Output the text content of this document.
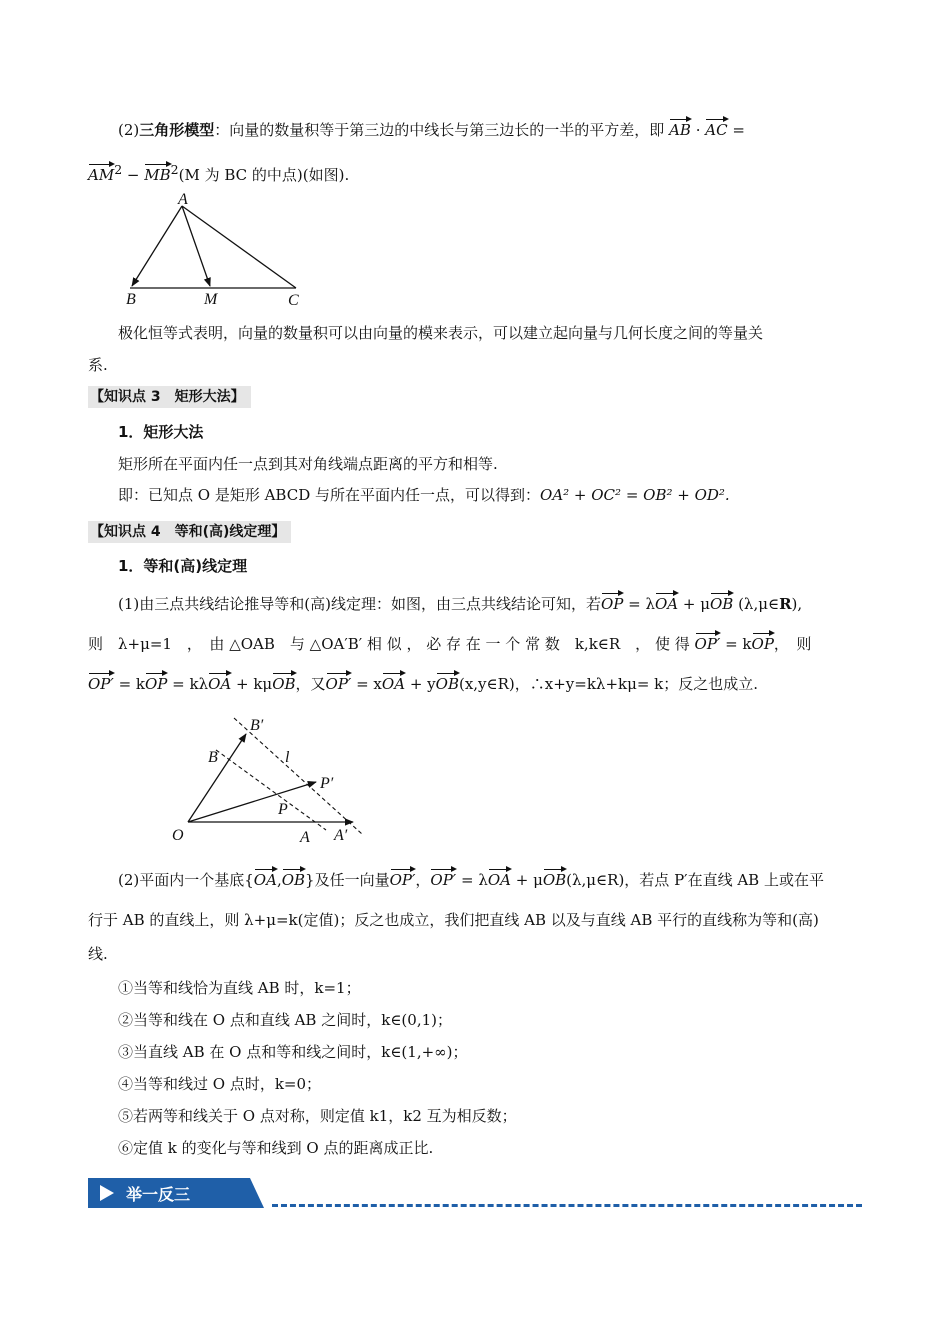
(2)三角形模型：向量的数量积等于第三边的中线长与第三边长的一半的平方差，即 AB · AC =
$AM^2 - MB^2(M$ 为 BC 的中点)(如图).
A
B	M	C
极化恒等式表明，向量的数量积可以由向量的模来表示，可以建立起向量与几何长度之间的等量关
系.
【知识点 3　矩形大法】
1．矩形大法
矩形所在平面内任一点到其对角线端点距离的平方和相等.
即：已知点 O 是矩形 ABCD 与所在平面内任一点，可以得到：OA² + OC² = OB² + OD².
【知识点 4　等和(高)线定理】
1．等和(高)线定理
(1)由三点共线结论推导等和(高)线定理：如图，由三点共线结论可知，若OP = λOA + μOB (λ,μ∈R),
则　λ+μ=1　，　由 △OAB　与 △OA′B′ 相 似 ， 必 存 在 一 个 常 数　k,k∈R　， 使 得 OP′ = kOP，　则
OP′ = kOP = kλOA + kμOB，又OP′ = xOA + yOB(x,y∈R)，∴x+y=kλ+kμ= k；反之也成立.
B′
B	l
P′
P
O	A A′
(2)平面内一个基底{OA,OB}及任一向量OP′，OP′ = λOA + μOB(λ,μ∈R)，若点 P′在直线 AB 上或在平
行于 AB 的直线上，则 λ+μ=k(定值)；反之也成立，我们把直线 AB 以及与直线 AB 平行的直线称为等和(高)
线.
①当等和线恰为直线 AB 时，k=1；
②当等和线在 O 点和直线 AB 之间时，k∈(0,1)；
③当直线 AB 在 O 点和等和线之间时，k∈(1,+∞)；
④当等和线过 O 点时，k=0；
⑤若两等和线关于 O 点对称，则定值 k1，k2 互为相反数；
⑥定值 k 的变化与等和线到 O 点的距离成正比.
举一反三
